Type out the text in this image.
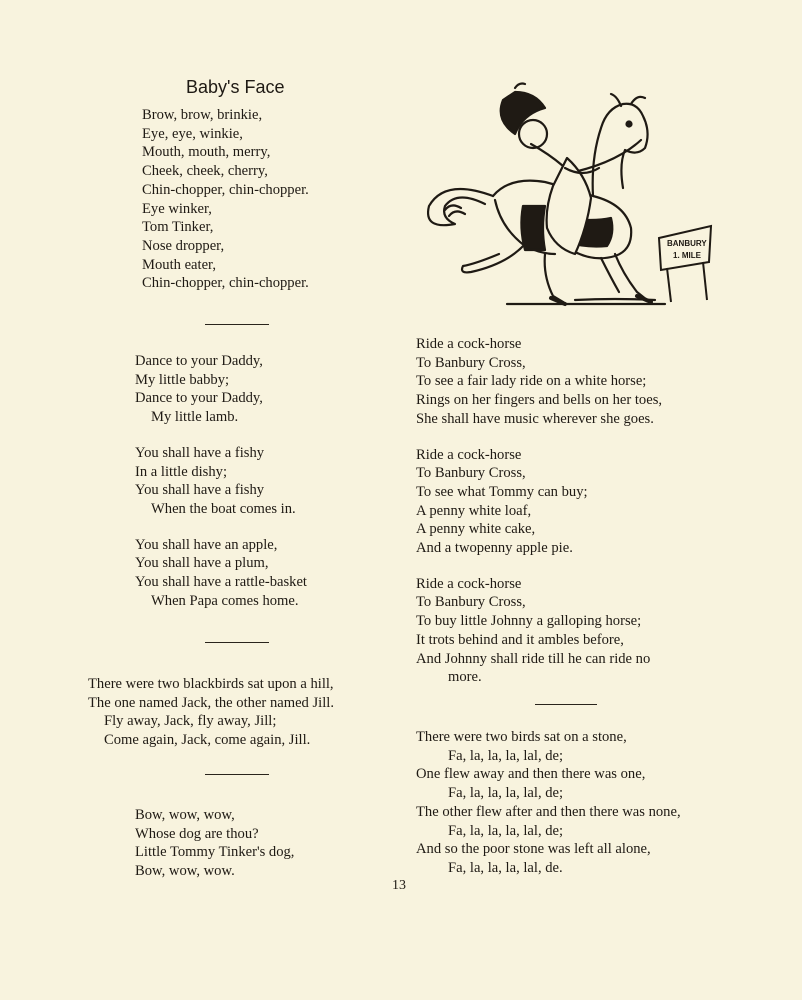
Baby's Face
Brow, brow, brinkie,
Eye, eye, winkie,
Mouth, mouth, merry,
Cheek, cheek, cherry,
Chin-chopper, chin-chopper.
Eye winker,
Tom Tinker,
Nose dropper,
Mouth eater,
Chin-chopper, chin-chopper.
Dance to your Daddy,
My little babby;
Dance to your Daddy,
My little lamb.
You shall have a fishy
In a little dishy;
You shall have a fishy
When the boat comes in.
You shall have an apple,
You shall have a plum,
You shall have a rattle-basket
When Papa comes home.
There were two blackbirds sat upon a hill,
The one named Jack, the other named Jill.
Fly away, Jack, fly away, Jill;
Come again, Jack, come again, Jill.
Bow, wow, wow,
Whose dog are thou?
Little Tommy Tinker's dog,
Bow, wow, wow.
BANBURY
1. MILE
Ride a cock-horse
To Banbury Cross,
To see a fair lady ride on a white horse;
Rings on her fingers and bells on her toes,
She shall have music wherever she goes.
Ride a cock-horse
To Banbury Cross,
To see what Tommy can buy;
A penny white loaf,
A penny white cake,
And a twopenny apple pie.
Ride a cock-horse
To Banbury Cross,
To buy little Johnny a galloping horse;
It trots behind and it ambles before,
And Johnny shall ride till he can ride no
more.
There were two birds sat on a stone,
Fa, la, la, la, lal, de;
One flew away and then there was one,
Fa, la, la, la, lal, de;
The other flew after and then there was none,
Fa, la, la, la, lal, de;
And so the poor stone was left all alone,
Fa, la, la, la, lal, de.
13
